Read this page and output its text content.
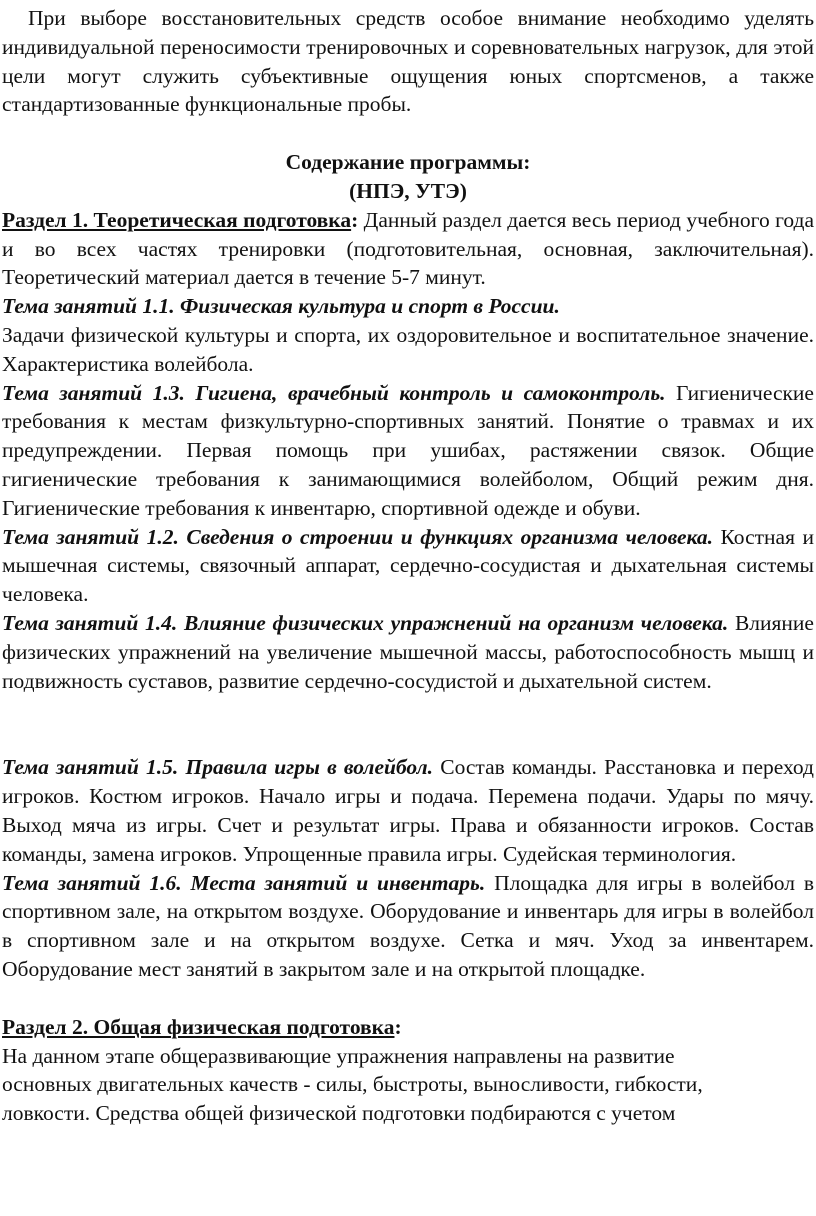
При выборе восстановительных средств особое внимание необходимо уделять индивидуальной переносимости тренировочных и соревновательных нагрузок, для этой цели могут служить субъективные ощущения юных спортсменов, а также стандартизованные функциональные пробы.

Содержание программы:

(НПЭ, УТЭ)

Раздел 1. Теоретическая подготовка: Данный раздел дается весь период учебного года и во всех частях тренировки (подготовительная, основная, заключительная). Теоретический материал дается в течение 5-7 минут.

Тема занятий 1.1. Физическая культура и спорт в России.

Задачи физической культуры и спорта, их оздоровительное и воспитательное значение. Характеристика волейбола.

Тема занятий 1.3. Гигиена, врачебный контроль и самоконтроль. Гигиенические требования к местам физкультурно-спортивных занятий. Понятие о травмах и их предупреждении. Первая помощь при ушибах, растяжении связок. Общие гигиенические требования к занимающимися волейболом, Общий режим дня. Гигиенические требования к инвентарю, спортивной одежде и обуви.

Тема занятий 1.2. Сведения о строении и функциях организма человека. Костная и мышечная системы, связочный аппарат, сердечно-сосудистая и дыхательная системы человека.

Тема занятий 1.4. Влияние физических упражнений на организм человека. Влияние физических упражнений на увеличение мышечной массы, работоспособность мышц и подвижность суставов, развитие сердечно-сосудистой и дыхательной систем.

Тема занятий 1.5. Правила игры в волейбол. Состав команды. Расстановка и переход игроков. Костюм игроков. Начало игры и подача. Перемена подачи. Удары по мячу. Выход мяча из игры. Счет и результат игры. Права и обязанности игроков. Состав команды, замена игроков. Упрощенные правила игры. Судейская терминология.

Тема занятий 1.6. Места занятий и инвентарь. Площадка для игры в волейбол в спортивном зале, на открытом воздухе. Оборудование и инвентарь для игры в волейбол в спортивном зале и на открытом воздухе. Сетка и мяч. Уход за инвентарем. Оборудование мест занятий в закрытом зале и на открытой площадке.

Раздел 2. Общая физическая подготовка:

На данном этапе общеразвивающие упражнения направлены на развитие

основных двигательных качеств - силы, быстроты, выносливости, гибкости,

ловкости. Средства общей физической подготовки подбираются с учетом
